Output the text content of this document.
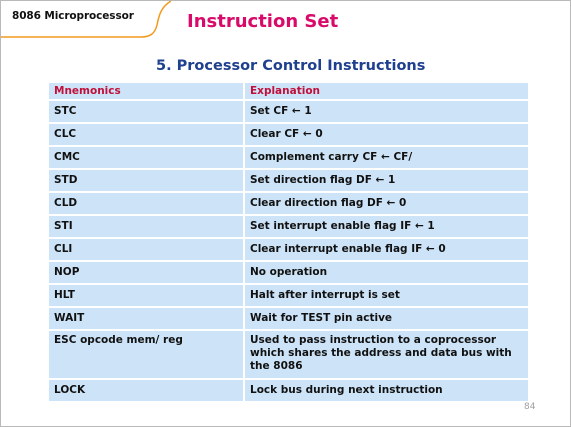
8086 Microprocessor	Instruction Set
5. Processor Control Instructions
Mnemonics	Explanation
STC	Set CF ← 1
CLC	Clear CF ← 0
CMC	Complement carry CF ← CF/
STD	Set direction flag DF ← 1
CLD	Clear direction flag DF ← 0
STI	Set interrupt enable flag IF ← 1
CLI	Clear interrupt enable flag IF ← 0
NOP	No operation
HLT	Halt after interrupt is set
WAIT	Wait for TEST pin active
ESC opcode mem/ reg	Used to pass instruction to a coprocessor which shares the address and data bus with the 8086
LOCK	Lock bus during next instruction
84
